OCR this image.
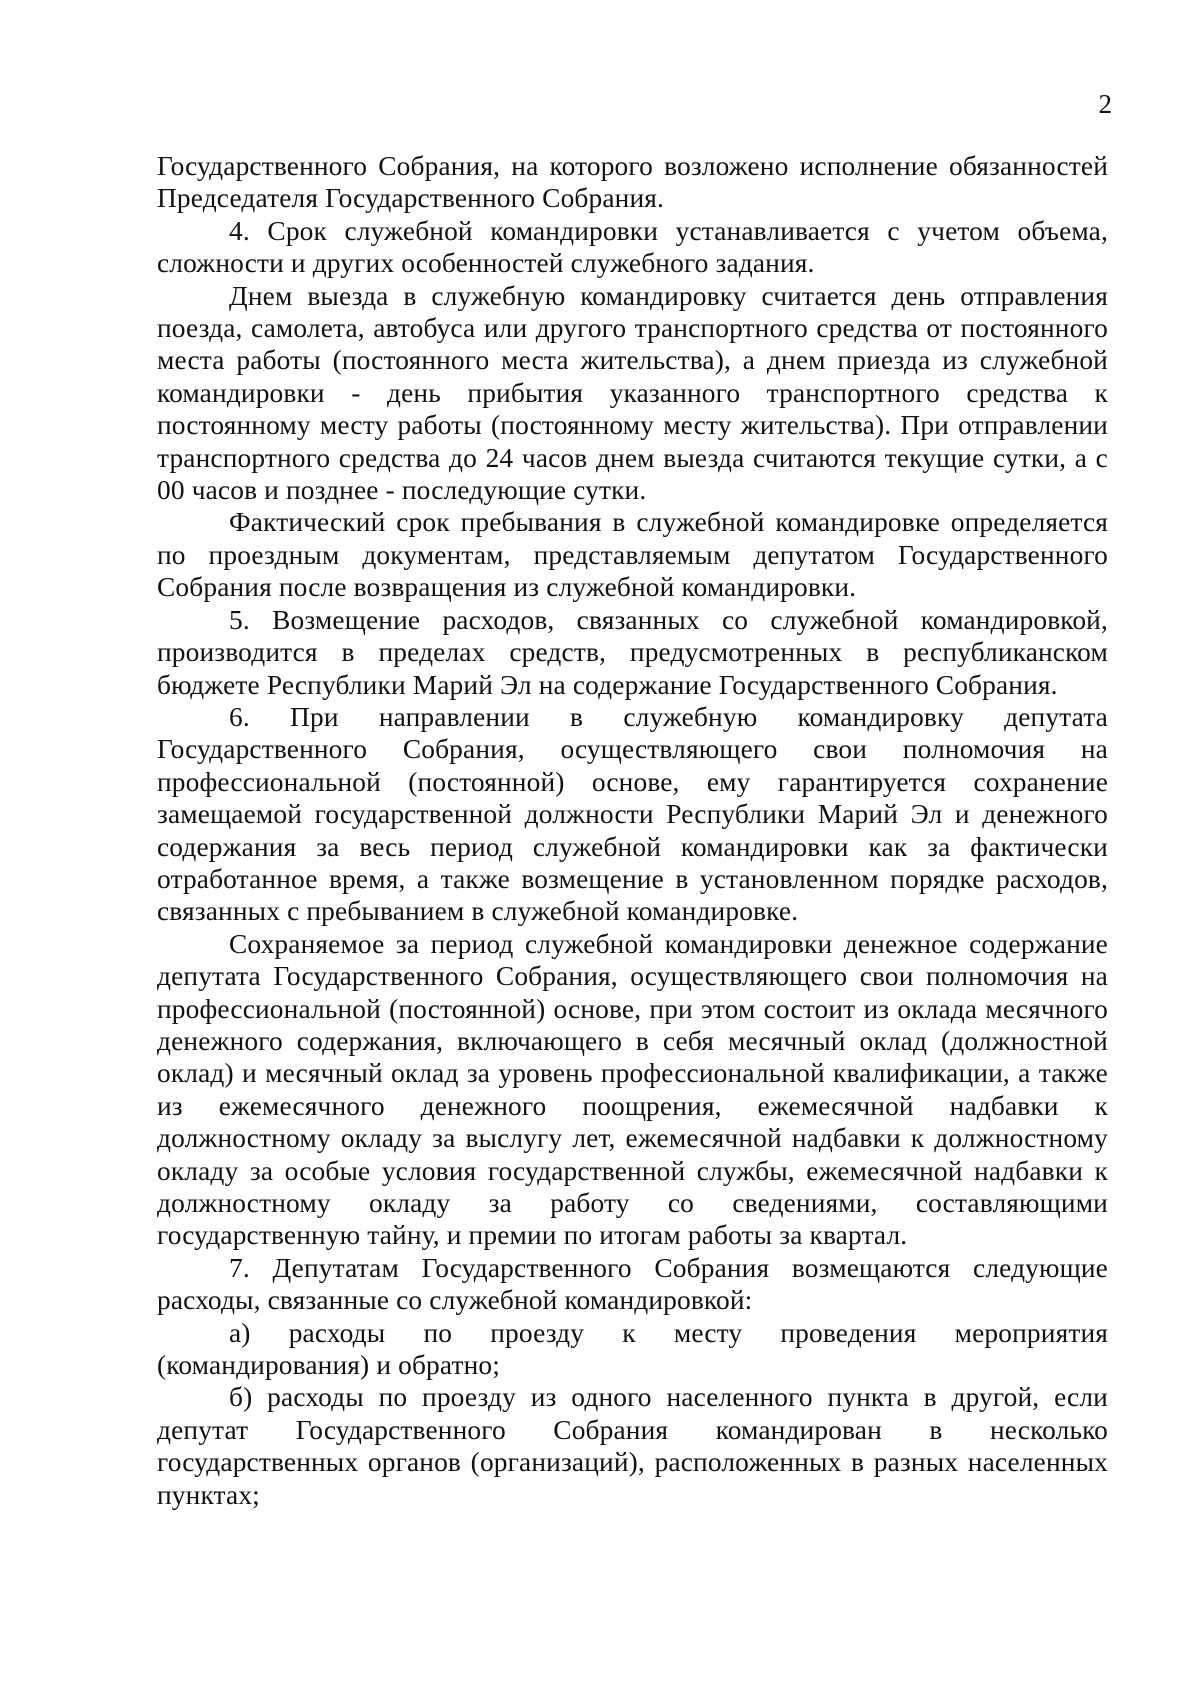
2

Государственного Собрания, на которого возложено исполнение обязанностей Председателя Государственного Собрания.

4. Срок служебной командировки устанавливается с учетом объема, сложности и других особенностей служебного задания.

Днем выезда в служебную командировку считается день отправления поезда, самолета, автобуса или другого транспортного средства от постоянного места работы (постоянного места жительства), а днем приезда из служебной командировки - день прибытия указанного транспортного средства к постоянному месту работы (постоянному месту жительства). При отправлении транспортного средства до 24 часов днем выезда считаются текущие сутки, а с 00 часов и позднее - последующие сутки.

Фактический срок пребывания в служебной командировке определяется по проездным документам, представляемым депутатом Государственного Собрания после возвращения из служебной командировки.

5. Возмещение расходов, связанных со служебной командировкой, производится в пределах средств, предусмотренных в республиканском бюджете Республики Марий Эл на содержание Государственного Собрания.

6. При направлении в служебную командировку депутата Государственного Собрания, осуществляющего свои полномочия на профессиональной (постоянной) основе, ему гарантируется сохранение замещаемой государственной должности Республики Марий Эл и денежного содержания за весь период служебной командировки как за фактически отработанное время, а также возмещение в установленном порядке расходов, связанных с пребыванием в служебной командировке.

Сохраняемое за период служебной командировки денежное содержание депутата Государственного Собрания, осуществляющего свои полномочия на профессиональной (постоянной) основе, при этом состоит из оклада месячного денежного содержания, включающего в себя месячный оклад (должностной оклад) и месячный оклад за уровень профессиональной квалификации, а также из ежемесячного денежного поощрения, ежемесячной надбавки к должностному окладу за выслугу лет, ежемесячной надбавки к должностному окладу за особые условия государственной службы, ежемесячной надбавки к должностному окладу за работу со сведениями, составляющими государственную тайну, и премии по итогам работы за квартал.

7. Депутатам Государственного Собрания возмещаются следующие расходы, связанные со служебной командировкой:

а) расходы по проезду к месту проведения мероприятия (командирования) и обратно;

б) расходы по проезду из одного населенного пункта в другой, если депутат Государственного Собрания командирован в несколько государственных органов (организаций), расположенных в разных населенных пунктах;
